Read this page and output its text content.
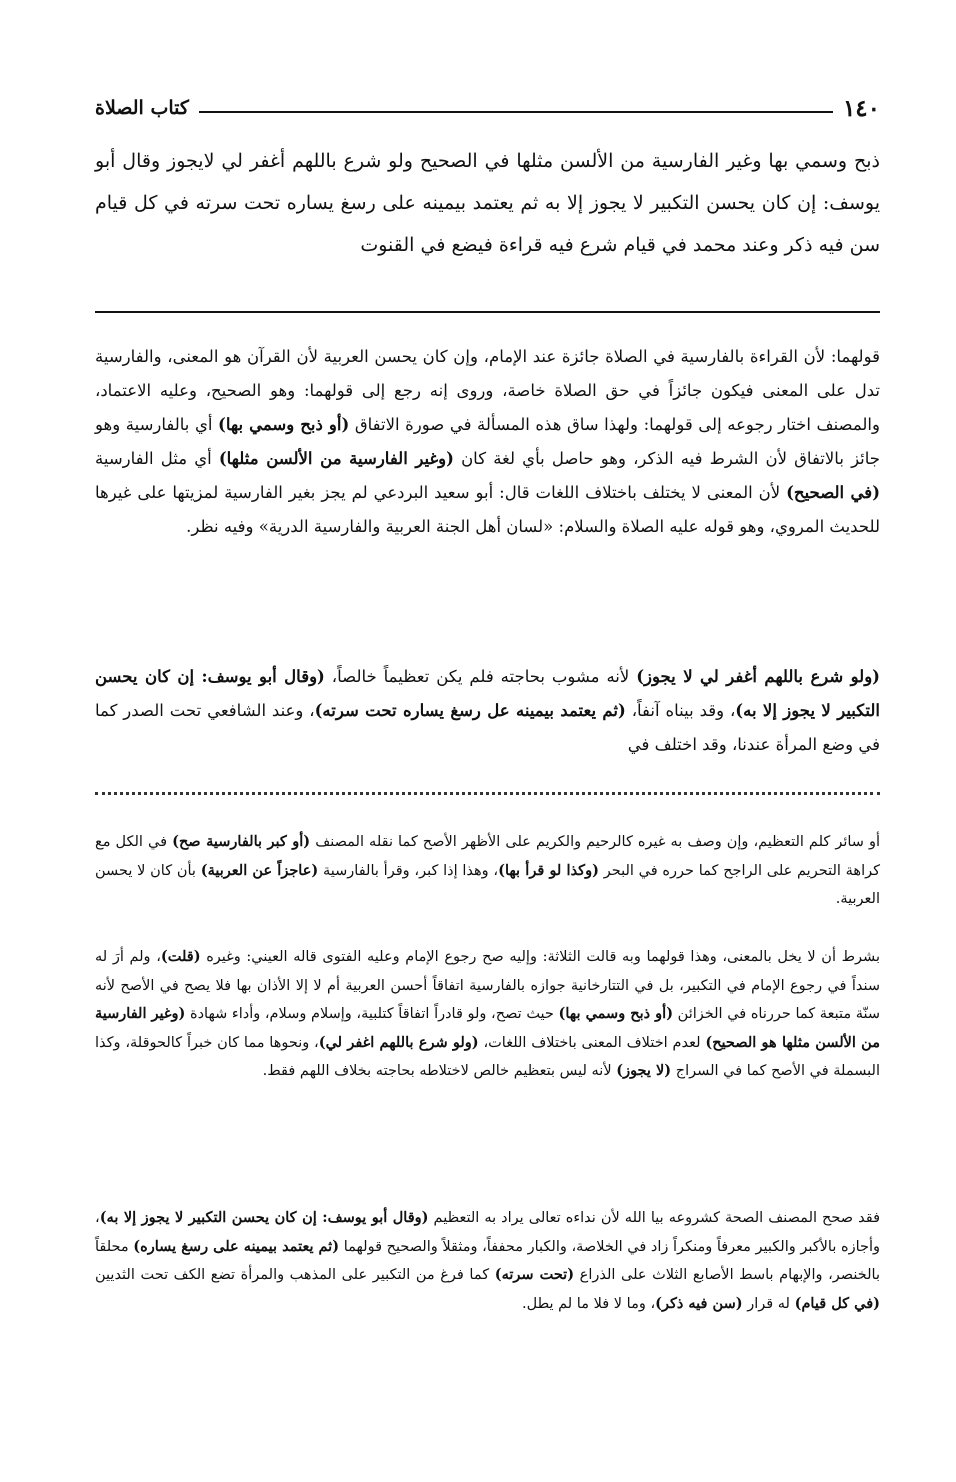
١٤٠
كتاب الصلاة

ذبح وسمي بها وغير الفارسية من الألسن مثلها في الصحيح ولو شرع باللهم أغفر لي لايجوز وقال أبو يوسف: إن كان يحسن التكبير لا يجوز إلا به ثم يعتمد بيمينه على رسغ يساره تحت سرته في كل قيام سن فيه ذكر وعند محمد في قيام شرع فيه قراءة فيضع في القنوت

قولهما: لأن القراءة بالفارسية في الصلاة جائزة عند الإمام، وإن كان يحسن العربية لأن القرآن هو المعنى، والفارسية تدل على المعنى فيكون جائزاً في حق الصلاة خاصة، وروى إنه رجع إلى قولهما: وهو الصحيح، وعليه الاعتماد، والمصنف اختار رجوعه إلى قولهما: ولهذا ساق هذه المسألة في صورة الاتفاق (أو ذبح وسمي بها) أي بالفارسية وهو جائز بالاتفاق لأن الشرط فيه الذكر، وهو حاصل بأي لغة كان (وغير الفارسية من الألسن مثلها) أي مثل الفارسية (في الصحيح) لأن المعنى لا يختلف باختلاف اللغات قال: أبو سعيد البردعي لم يجز بغير الفارسية لمزيتها على غيرها للحديث المروي، وهو قوله عليه الصلاة والسلام: «لسان أهل الجنة العربية والفارسية الدرية» وفيه نظر.

(ولو شرع باللهم أغفر لي لا يجوز) لأنه مشوب بحاجته فلم يكن تعظيماً خالصاً، (وقال أبو يوسف: إن كان يحسن التكبير لا يجوز إلا به)، وقد بيناه آنفاً، (ثم يعتمد بيمينه عل رسغ يساره تحت سرته)، وعند الشافعي تحت الصدر كما في وضع المرأة عندنا، وقد اختلف في

أو سائر كلم التعظيم، وإن وصف به غيره كالرحيم والكريم على الأظهر الأصح كما نقله المصنف (أو كبر بالفارسية صح) في الكل مع كراهة التحريم على الراجح كما حرره في البحر (وكذا لو قرأ بها)، وهذا إذا كبر، وقرأ بالفارسية (عاجزاً عن العربية) بأن كان لا يحسن العربية.

بشرط أن لا يخل بالمعنى، وهذا قولهما وبه قالت الثلاثة: وإليه صح رجوع الإمام وعليه الفتوى قاله العيني: وغيره (قلت)، ولم أرَ له سنداً في رجوع الإمام في التكبير، بل في التتارخانية جوازه بالفارسية اتفاقاً أحسن العربية أم لا إلا الأذان بها فلا يصح في الأصح لأنه سنّة متبعة كما حررناه في الخزائن (أو ذبح وسمي بها) حيث تصح، ولو قادراً اتفاقاً كتلبية، وإسلام وسلام، وأداء شهادة (وغير الفارسية من الألسن مثلها هو الصحيح) لعدم اختلاف المعنى باختلاف اللغات، (ولو شرع باللهم اغفر لي)، ونحوها مما كان خبراً كالحوقلة، وكذا البسملة في الأصح كما في السراج (لا يجوز) لأنه ليس بتعظيم خالص لاختلاطه بحاجته بخلاف اللهم فقط.

فقد صحح المصنف الصحة كشروعه بيا الله لأن نداءه تعالى يراد به التعظيم (وقال أبو يوسف: إن كان يحسن التكبير لا يجوز إلا به)، وأجازه بالأكبر والكبير معرفاً ومنكراً زاد في الخلاصة، والكبار محففاً، ومثقلاً والصحيح قولهما (ثم يعتمد بيمينه على رسغ يساره) محلقاً بالخنصر، والإبهام باسط الأصابع الثلاث على الذراع (تحت سرته) كما فرغ من التكبير على المذهب والمرأة تضع الكف تحت الثديين (في كل قيام) له قرار (سن فيه ذكر)، وما لا فلا ما لم يطل.
